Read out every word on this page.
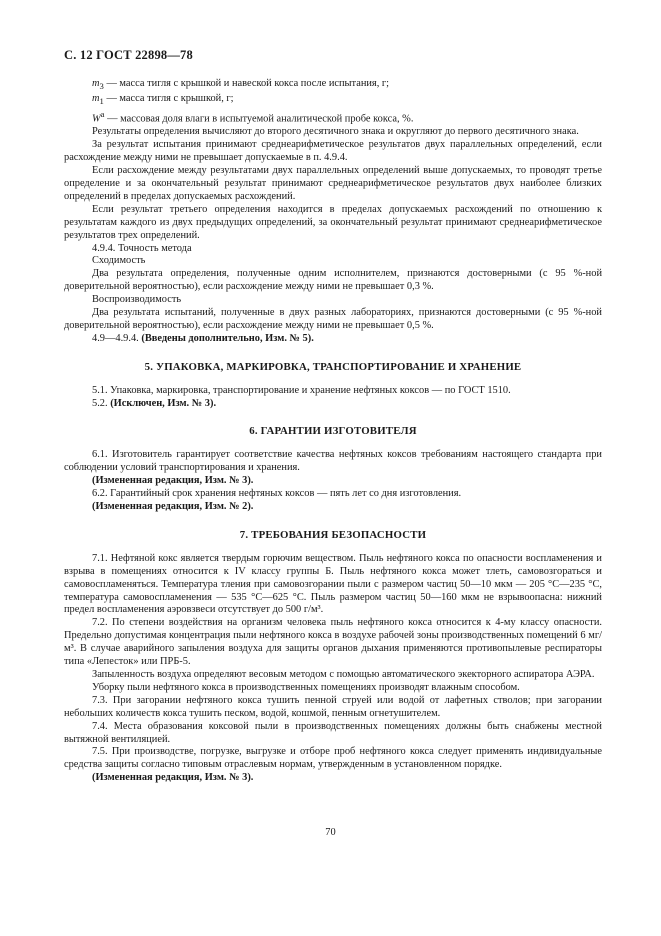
С. 12 ГОСТ 22898—78

$m_3$ — масса тигля с крышкой и навеской кокса после испытания, г;

$m_1$ — масса тигля с крышкой, г;

$W^a$ — массовая доля влаги в испытуемой аналитической пробе кокса, %.

Результаты определения вычисляют до второго десятичного знака и округляют до первого десятичного знака.

За результат испытания принимают среднеарифметическое результатов двух параллельных определений, если расхождение между ними не превышает допускаемые в п. 4.9.4.

Если расхождение между результатами двух параллельных определений выше допускаемых, то проводят третье определение и за окончательный результат принимают среднеарифметическое результатов двух наиболее близких определений в пределах допускаемых расхождений.

Если результат третьего определения находится в пределах допускаемых расхождений по отношению к результатам каждого из двух предыдущих определений, за окончательный результат принимают среднеарифметическое результатов трех определений.

4.9.4. Точность метода

Сходимость

Два результата определения, полученные одним исполнителем, признаются достоверными (с 95 %-ной доверительной вероятностью), если расхождение между ними не превышает 0,3 %.

Воспроизводимость

Два результата испытаний, полученные в двух разных лабораториях, признаются достоверными (с 95 %-ной доверительной вероятностью), если расхождение между ними не превышает 0,5 %.

4.9—4.9.4. (Введены дополнительно, Изм. № 5).

5. УПАКОВКА, МАРКИРОВКА, ТРАНСПОРТИРОВАНИЕ И ХРАНЕНИЕ

5.1. Упаковка, маркировка, транспортирование и хранение нефтяных коксов — по ГОСТ 1510.

5.2. (Исключен, Изм. № 3).

6. ГАРАНТИИ ИЗГОТОВИТЕЛЯ

6.1. Изготовитель гарантирует соответствие качества нефтяных коксов требованиям настоящего стандарта при соблюдении условий транспортирования и хранения.

(Измененная редакция, Изм. № 3).

6.2. Гарантийный срок хранения нефтяных коксов — пять лет со дня изготовления.

(Измененная редакция, Изм. № 2).

7. ТРЕБОВАНИЯ БЕЗОПАСНОСТИ

7.1. Нефтяной кокс является твердым горючим веществом. Пыль нефтяного кокса по опасности воспламенения и взрыва в помещениях относится к IV классу группы Б. Пыль нефтяного кокса может тлеть, самовозгораться и самовоспламеняться. Температура тления при самовозгорании пыли с размером частиц 50—10 мкм — 205 °С—235 °С, температура самовоспламенения — 535 °С—625 °С. Пыль размером частиц 50—160 мкм не взрывоопасна: нижний предел воспламенения аэровзвеси отсутствует до 500 г/м³.

7.2. По степени воздействия на организм человека пыль нефтяного кокса относится к 4-му классу опасности. Предельно допустимая концентрация пыли нефтяного кокса в воздухе рабочей зоны производственных помещений 6 мг/м³. В случае аварийного запыления воздуха для защиты органов дыхания применяются противопылевые респираторы типа «Лепесток» или ПРБ-5.

Запыленность воздуха определяют весовым методом с помощью автоматического экекторного аспиратора АЭРА.

Уборку пыли нефтяного кокса в производственных помещениях производят влажным способом.

7.3. При загорании нефтяного кокса тушить пенной струей или водой от лафетных стволов; при загорании небольших количеств кокса тушить песком, водой, кошмой, пенным огнетушителем.

7.4. Места образования коксовой пыли в производственных помещениях должны быть снабжены местной вытяжной вентиляцией.

7.5. При производстве, погрузке, выгрузке и отборе проб нефтяного кокса следует применять индивидуальные средства защиты согласно типовым отраслевым нормам, утвержденным в установленном порядке.

(Измененная редакция, Изм. № 3).

70
